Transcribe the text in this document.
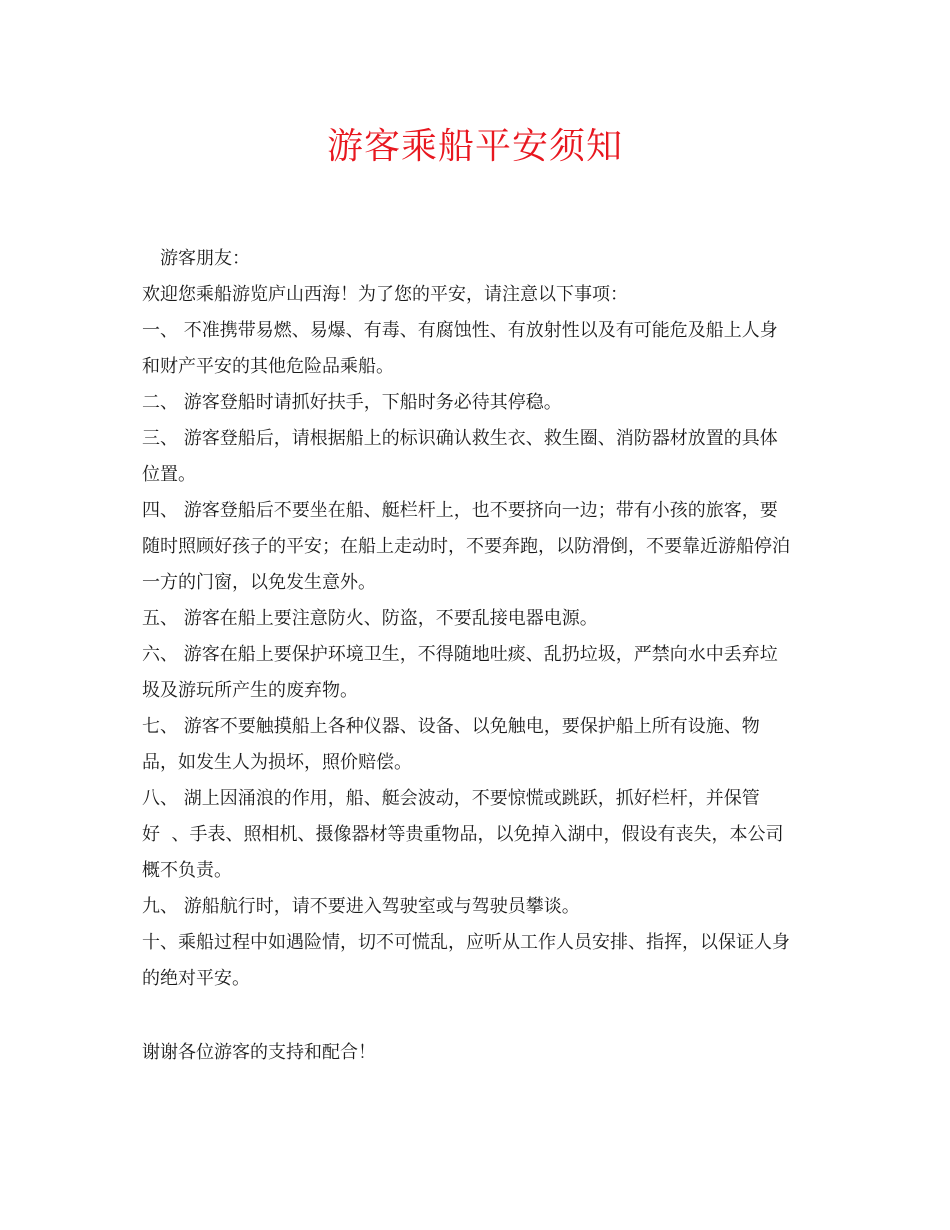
游客乘船平安须知
游客朋友：
欢迎您乘船游览庐山西海！为了您的平安，请注意以下事项：
一、 不准携带易燃、易爆、有毒、有腐蚀性、有放射性以及有可能危及船上人身
和财产平安的其他危险品乘船。
二、 游客登船时请抓好扶手，下船时务必待其停稳。
三、 游客登船后，请根据船上的标识确认救生衣、救生圈、消防器材放置的具体
位置。
四、 游客登船后不要坐在船、艇栏杆上，也不要挤向一边；带有小孩的旅客，要
随时照顾好孩子的平安；在船上走动时，不要奔跑，以防滑倒，不要靠近游船停泊
一方的门窗，以免发生意外。
五、 游客在船上要注意防火、防盗，不要乱接电器电源。
六、 游客在船上要保护环境卫生，不得随地吐痰、乱扔垃圾，严禁向水中丢弃垃
圾及游玩所产生的废弃物。
七、 游客不要触摸船上各种仪器、设备、以免触电，要保护船上所有设施、物
品，如发生人为损坏，照价赔偿。
八、 湖上因涌浪的作用，船、艇会波动，不要惊慌或跳跃，抓好栏杆，并保管
好  、手表、照相机、摄像器材等贵重物品，以免掉入湖中，假设有丧失，本公司
概不负责。
九、 游船航行时，请不要进入驾驶室或与驾驶员攀谈。
十、乘船过程中如遇险情，切不可慌乱，应听从工作人员安排、指挥，以保证人身
的绝对平安。
谢谢各位游客的支持和配合！
